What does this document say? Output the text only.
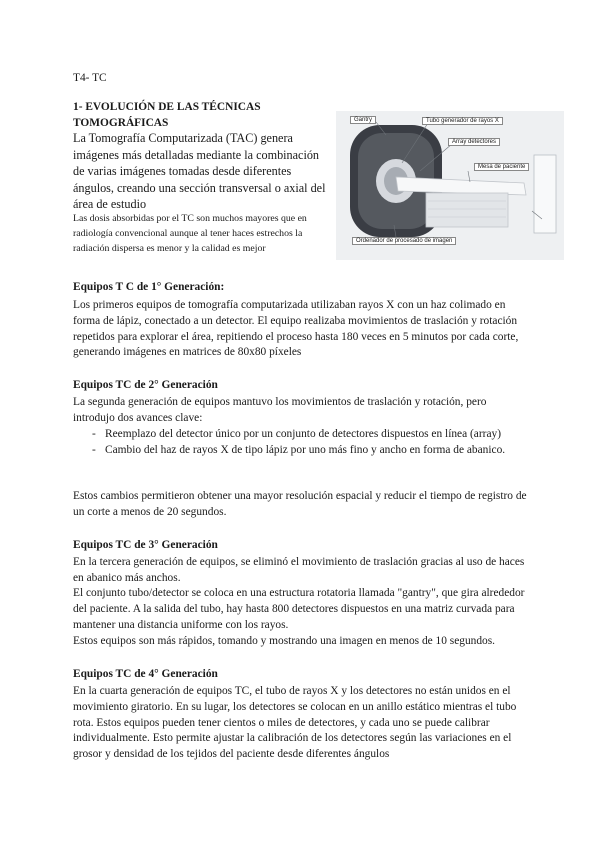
T4- TC
1- EVOLUCIÓN DE LAS TÉCNICAS TOMOGRÁFICAS
La Tomografía Computarizada (TAC) genera imágenes más detalladas mediante la combinación de varias imágenes tomadas desde diferentes ángulos, creando una sección transversal o axial del área de estudio
Las dosis absorbidas por el TC son muchos mayores que en radiología convencional aunque al tener haces estrechos la radiación dispersa es menor y la calidad es mejor
Gantry	Tubo generador de rayos X
Array detectores
Mesa de paciente
Ordenador de procesado de imagen
Equipos T C de 1° Generación:
Los primeros equipos de tomografía computarizada utilizaban rayos X con un haz colimado en forma de lápiz, conectado a un detector. El equipo realizaba movimientos de traslación y rotación repetidos para explorar el área, repitiendo el proceso hasta 180 veces en 5 minutos por cada corte, generando imágenes en matrices de 80x80 píxeles
Equipos TC de 2° Generación
La segunda generación de equipos mantuvo los movimientos de traslación y rotación, pero introdujo dos avances clave:
- Reemplazo del detector único por un conjunto de detectores dispuestos en línea (array)
- Cambio del haz de rayos X de tipo lápiz por uno más fino y ancho en forma de abanico.
Estos cambios permitieron obtener una mayor resolución espacial y reducir el tiempo de registro de un corte a menos de 20 segundos.
Equipos TC de 3° Generación
En la tercera generación de equipos, se eliminó el movimiento de traslación gracias al uso de haces en abanico más anchos.
El conjunto tubo/detector se coloca en una estructura rotatoria llamada "gantry", que gira alrededor del paciente. A la salida del tubo, hay hasta 800 detectores dispuestos en una matriz curvada para mantener una distancia uniforme con los rayos.
Estos equipos son más rápidos, tomando y mostrando una imagen en menos de 10 segundos.
Equipos TC de 4° Generación
En la cuarta generación de equipos TC, el tubo de rayos X y los detectores no están unidos en el movimiento giratorio. En su lugar, los detectores se colocan en un anillo estático mientras el tubo rota. Estos equipos pueden tener cientos o miles de detectores, y cada uno se puede calibrar individualmente. Esto permite ajustar la calibración de los detectores según las variaciones en el grosor y densidad de los tejidos del paciente desde diferentes ángulos
